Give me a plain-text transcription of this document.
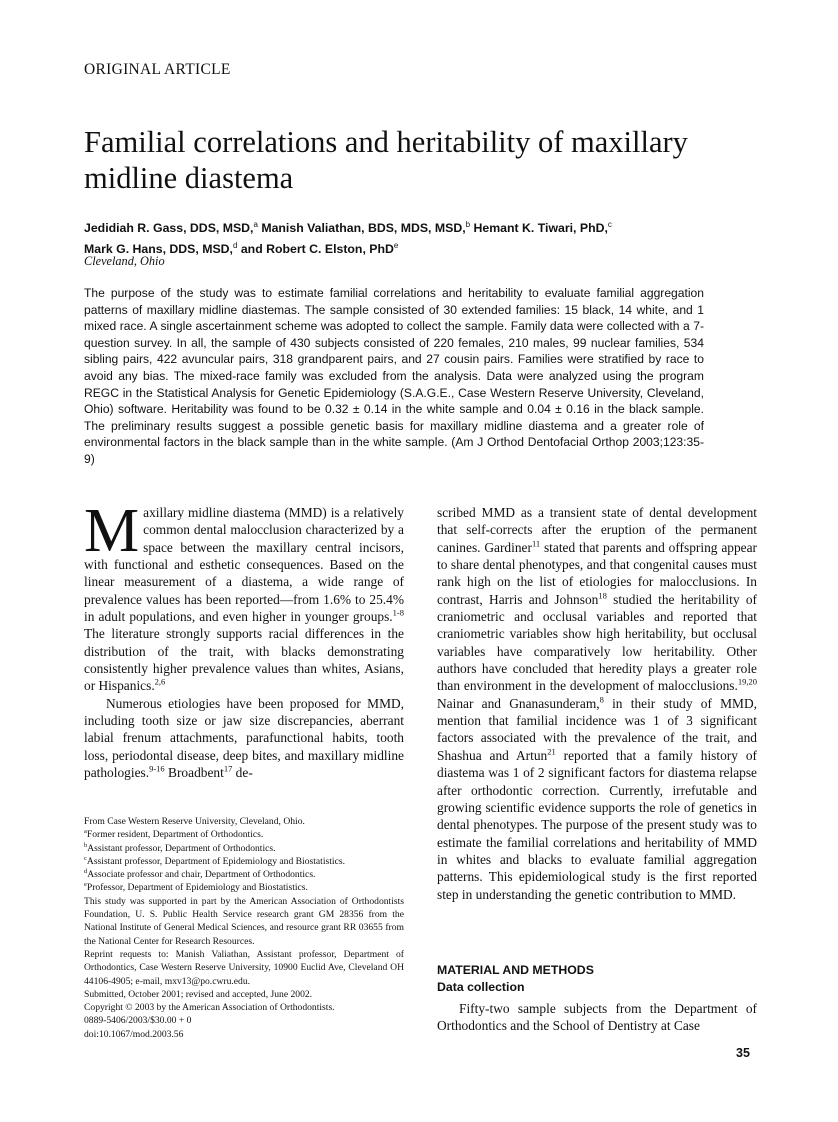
ORIGINAL ARTICLE
Familial correlations and heritability of maxillary midline diastema
Jedidiah R. Gass, DDS, MSD,$^a$ Manish Valiathan, BDS, MDS, MSD,$^b$ Hemant K. Tiwari, PhD,$^c$
Mark G. Hans, DDS, MSD,$^d$ and Robert C. Elston, PhD$^e$
Cleveland, Ohio

The purpose of the study was to estimate familial correlations and heritability to evaluate familial aggregation patterns of maxillary midline diastemas. The sample consisted of 30 extended families: 15 black, 14 white, and 1 mixed race. A single ascertainment scheme was adopted to collect the sample. Family data were collected with a 7-question survey. In all, the sample of 430 subjects consisted of 220 females, 210 males, 99 nuclear families, 534 sibling pairs, 422 avuncular pairs, 318 grandparent pairs, and 27 cousin pairs. Families were stratified by race to avoid any bias. The mixed-race family was excluded from the analysis. Data were analyzed using the program REGC in the Statistical Analysis for Genetic Epidemiology (S.A.G.E., Case Western Reserve University, Cleveland, Ohio) software. Heritability was found to be 0.32 ± 0.14 in the white sample and 0.04 ± 0.16 in the black sample. The preliminary results suggest a possible genetic basis for maxillary midline diastema and a greater role of environmental factors in the black sample than in the white sample. (Am J Orthod Dentofacial Orthop 2003;123:35-9)

Maxillary midline diastema (MMD) is a relatively common dental malocclusion characterized by a space between the maxillary central incisors, with functional and esthetic consequences. Based on the linear measurement of a diastema, a wide range of prevalence values has been reported—from 1.6% to 25.4% in adult populations, and even higher in younger groups.$^{1-8}$ The literature strongly supports racial differences in the distribution of the trait, with blacks demonstrating consistently higher prevalence values than whites, Asians, or Hispanics.$^{2,6}$

Numerous etiologies have been proposed for MMD, including tooth size or jaw size discrepancies, aberrant labial frenum attachments, parafunctional habits, tooth loss, periodontal disease, deep bites, and maxillary midline pathologies.$^{9-16}$ Broadbent$^{17}$ de-

scribed MMD as a transient state of dental development that self-corrects after the eruption of the permanent canines. Gardiner$^{11}$ stated that parents and offspring appear to share dental phenotypes, and that congenital causes must rank high on the list of etiologies for malocclusions. In contrast, Harris and Johnson$^{18}$ studied the heritability of craniometric and occlusal variables and reported that craniometric variables show high heritability, but occlusal variables have comparatively low heritability. Other authors have concluded that heredity plays a greater role than environment in the development of malocclusions.$^{19,20}$ Nainar and Gnanasunderam,$^8$ in their study of MMD, mention that familial incidence was 1 of 3 significant factors associated with the prevalence of the trait, and Shashua and Artun$^{21}$ reported that a family history of diastema was 1 of 2 significant factors for diastema relapse after orthodontic correction. Currently, irrefutable and growing scientific evidence supports the role of genetics in dental phenotypes. The purpose of the present study was to estimate the familial correlations and heritability of MMD in whites and blacks to evaluate familial aggregation patterns. This epidemiological study is the first reported step in understanding the genetic contribution to MMD.

From Case Western Reserve University, Cleveland, Ohio.
$^a$Former resident, Department of Orthodontics.
$^b$Assistant professor, Department of Orthodontics.
$^c$Assistant professor, Department of Epidemiology and Biostatistics.
$^d$Associate professor and chair, Department of Orthodontics.
$^e$Professor, Department of Epidemiology and Biostatistics.
This study was supported in part by the American Association of Orthodontists Foundation, U. S. Public Health Service research grant GM 28356 from the National Institute of General Medical Sciences, and resource grant RR 03655 from the National Center for Research Resources.
Reprint requests to: Manish Valiathan, Assistant professor, Department of Orthodontics, Case Western Reserve University, 10900 Euclid Ave, Cleveland OH 44106-4905; e-mail, mxv13@po.cwru.edu.
Submitted, October 2001; revised and accepted, June 2002.
Copyright © 2003 by the American Association of Orthodontists.
0889-5406/2003/$30.00 + 0
doi:10.1067/mod.2003.56
MATERIAL AND METHODS
Data collection

Fifty-two sample subjects from the Department of Orthodontics and the School of Dentistry at Case

35
